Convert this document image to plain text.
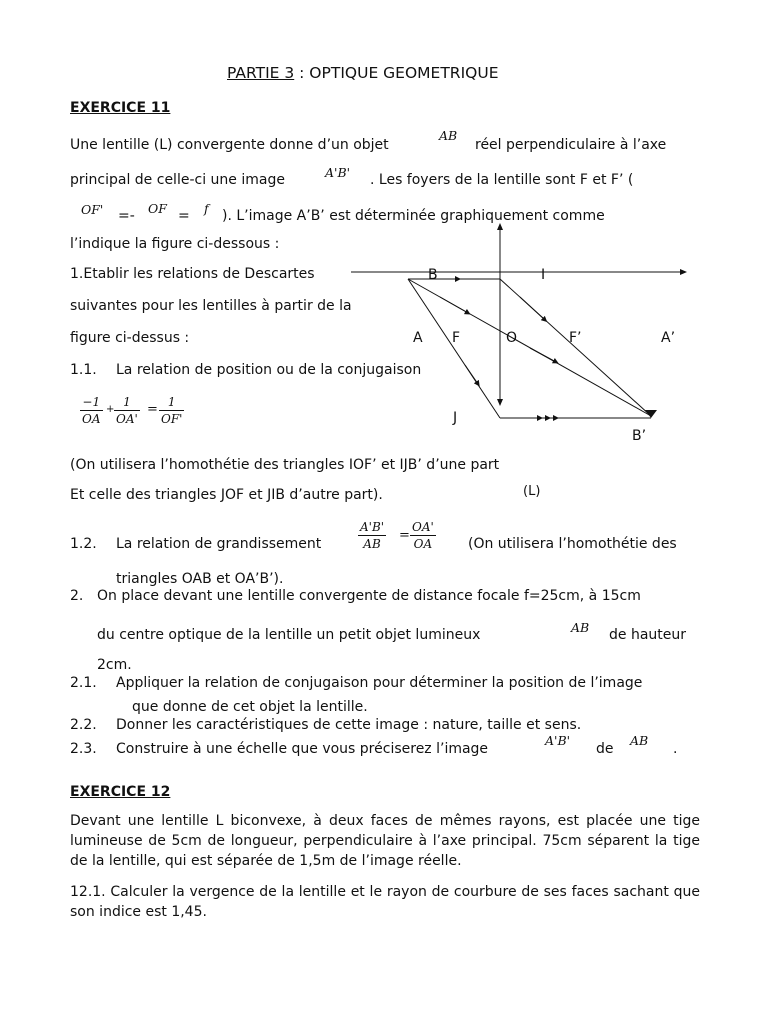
PARTIE 3 : OPTIQUE GEOMETRIQUE
EXERCICE 11
Une lentille (L) convergente donne d’un objet
AB
réel perpendiculaire à l’axe
principal de celle-ci une image	A'B' . Les foyers de la lentille sont F et F’ (
OF' =- OF = f ). L’image A’B’ est déterminée graphiquement comme
l’indique la figure ci-dessous :
1.Etablir les relations de Descartes
suivantes pour les lentilles à partir de la
figure ci-dessus :
1.1. La relation de position ou de la conjugaison
−1
OA
+
1
OA'
= 1
OF'
B	I
A F	O	F’	A’
J
B’
(L)
(On utilisera l’homothétie des triangles IOF’ et IJB’ d’une part
Et celle des triangles JOF et JIB d’autre part).
1.2. La relation de grandissement
A'B'
AB
=
OA'
OA	(On utilisera l’homothétie des
triangles OAB et OA’B’).
2. On place devant une lentille convergente de distance focale f=25cm, à 15cm
du centre optique de la lentille un petit objet lumineux	AB de hauteur
2cm.
2.1. Appliquer la relation de conjugaison pour déterminer la position de l’image
que donne de cet objet la lentille.
2.2. Donner les caractéristiques de cette image : nature, taille et sens.
2.3. Construire à une échelle que vous préciserez l’image
A'B'
de
AB
.
EXERCICE 12
Devant une lentille L biconvexe, à deux faces de mêmes rayons, est placée une tige lumineuse de 5cm de longueur, perpendiculaire à l’axe principal. 75cm séparent la tige de la lentille, qui est séparée de 1,5m de l’image réelle.
12.1. Calculer la vergence de la lentille et le rayon de courbure de ses faces sachant que son indice est 1,45.
